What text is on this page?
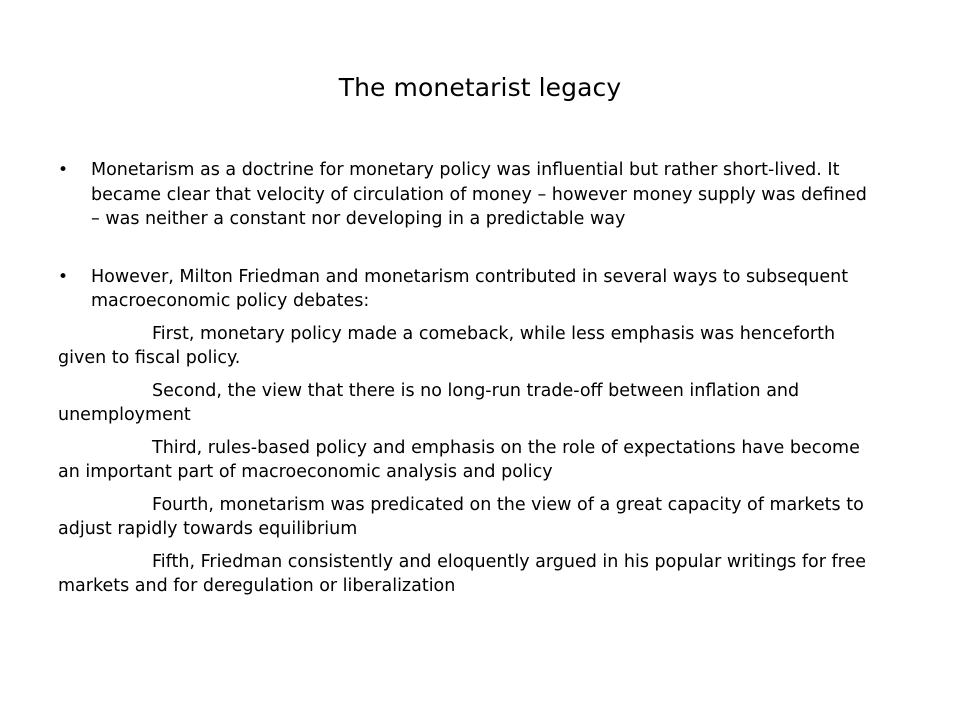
The monetarist legacy

•	Monetarism as a doctrine for monetary policy was influential but rather short-lived. It became clear that velocity of circulation of money – however money supply was defined – was neither a constant nor developing in a predictable way

•	However, Milton Friedman and monetarism contributed in several ways to subsequent macroeconomic policy debates:

First, monetary policy made a comeback, while less emphasis was henceforth given to fiscal policy.

Second, the view that there is no long-run trade-off between inflation and unemployment

Third, rules-based policy and emphasis on the role of expectations have become an important part of macroeconomic analysis and policy

Fourth, monetarism was predicated on the view of a great capacity of markets to adjust rapidly towards equilibrium

Fifth, Friedman consistently and eloquently argued in his popular writings for free markets and for deregulation or liberalization
